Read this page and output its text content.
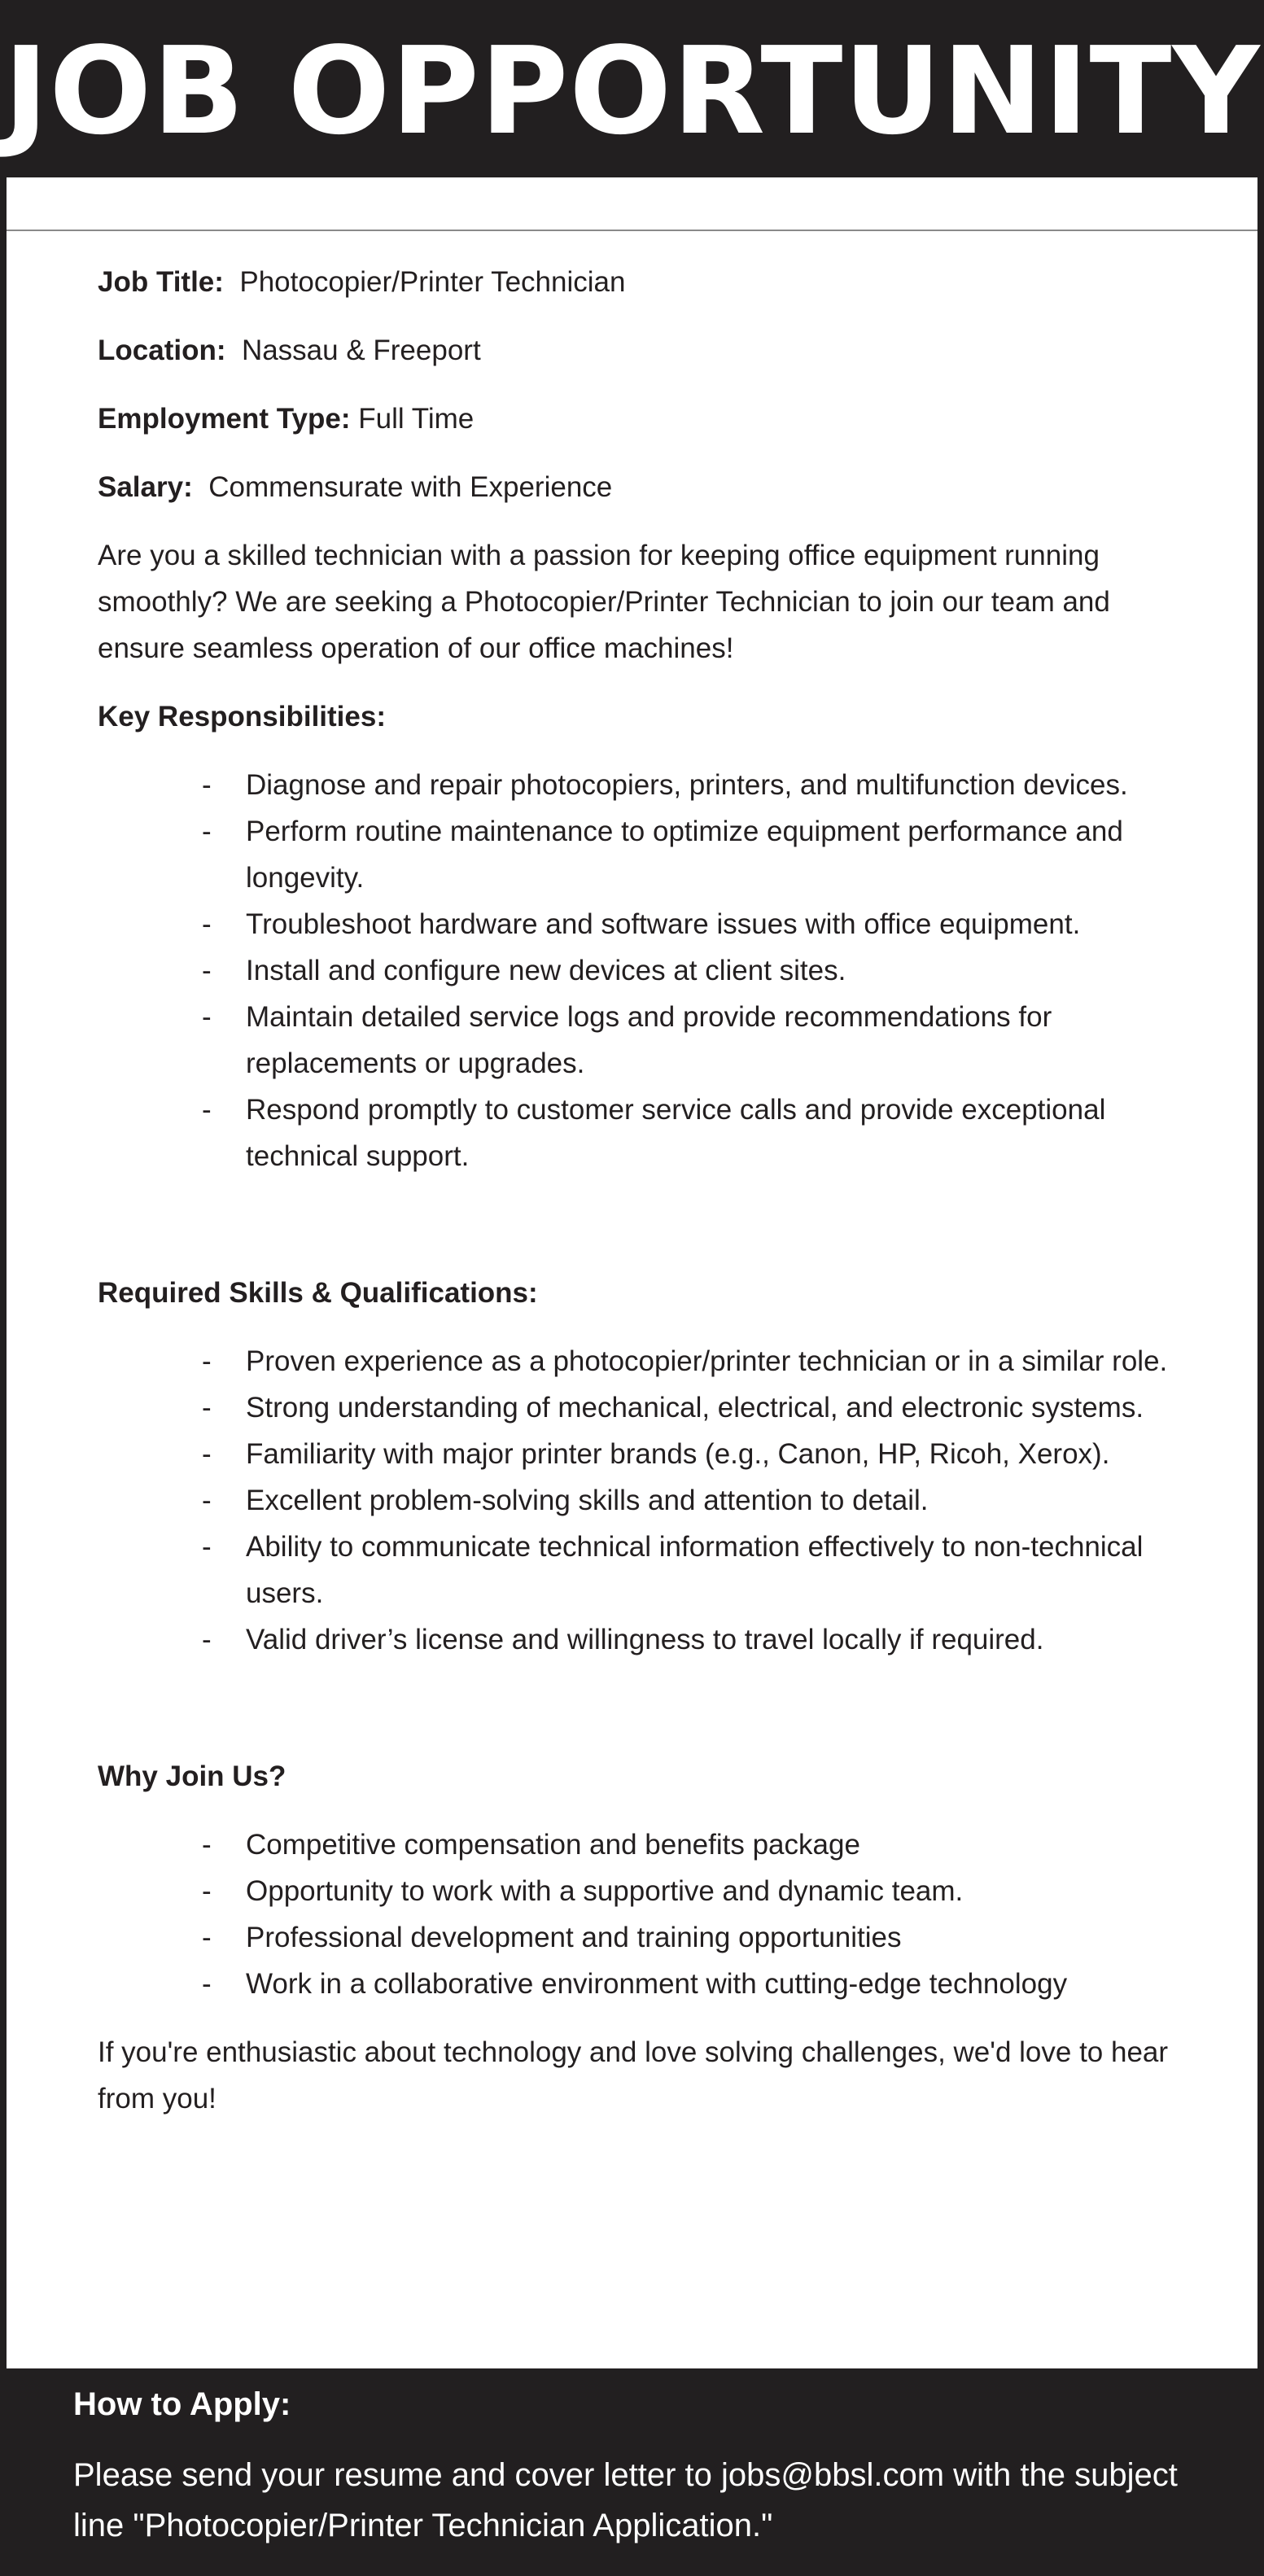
JOB OPPORTUNITY
Job Title: Photocopier/Printer Technician
Location: Nassau & Freeport
Employment Type: Full Time
Salary: Commensurate with Experience

Are you a skilled technician with a passion for keeping office equipment running smoothly? We are seeking a Photocopier/Printer Technician to join our team and ensure seamless operation of our office machines!

Key Responsibilities:
- Diagnose and repair photocopiers, printers, and multifunction devices.
- Perform routine maintenance to optimize equipment performance and longevity.
- Troubleshoot hardware and software issues with office equipment.
- Install and configure new devices at client sites.
- Maintain detailed service logs and provide recommendations for replacements or upgrades.
- Respond promptly to customer service calls and provide exceptional technical support.
Required Skills & Qualifications:
- Proven experience as a photocopier/printer technician or in a similar role.
- Strong understanding of mechanical, electrical, and electronic systems.
- Familiarity with major printer brands (e.g., Canon, HP, Ricoh, Xerox).
- Excellent problem-solving skills and attention to detail.
- Ability to communicate technical information effectively to non-technical users.
- Valid driver’s license and willingness to travel locally if required.
Why Join Us?
- Competitive compensation and benefits package
- Opportunity to work with a supportive and dynamic team.
- Professional development and training opportunities
- Work in a collaborative environment with cutting-edge technology

If you're enthusiastic about technology and love solving challenges, we'd love to hear from you!

How to Apply:
Please send your resume and cover letter to jobs@bbsl.com with the subject line "Photocopier/Printer Technician Application."
